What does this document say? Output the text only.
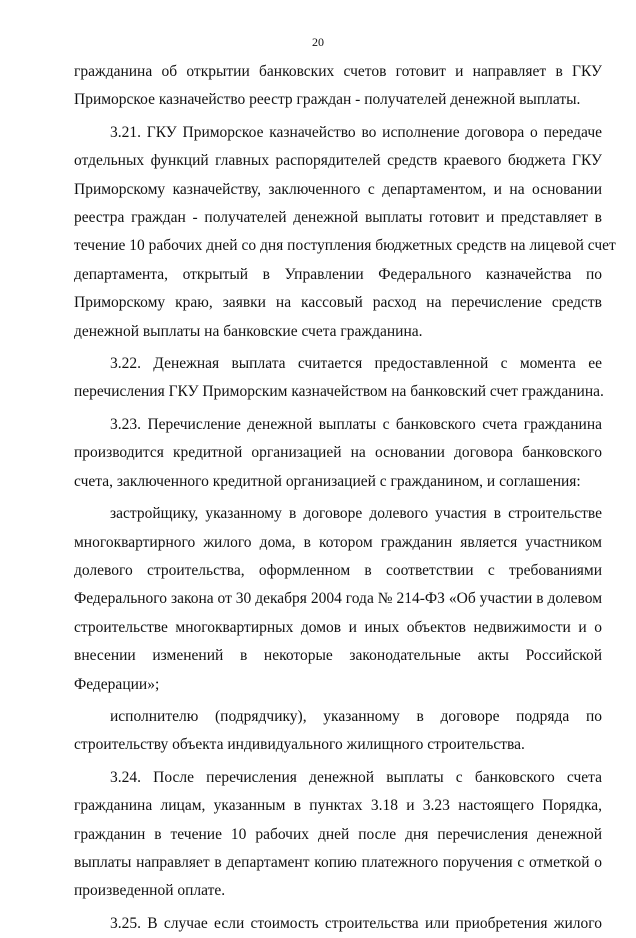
20

гражданина об открытии банковских счетов готовит и направляет в ГКУ
Приморское казначейство реестр граждан - получателей денежной выплаты.

3.21. ГКУ Приморское казначейство во исполнение договора о передаче
отдельных функций главных распорядителей средств краевого бюджета ГКУ
Приморскому казначейству, заключенного с департаментом, и на основании
реестра граждан - получателей денежной выплаты готовит и представляет в
течение 10 рабочих дней со дня поступления бюджетных средств на лицевой счет
департамента, открытый в Управлении Федерального казначейства по
Приморскому краю, заявки на кассовый расход на перечисление средств
денежной выплаты на банковские счета гражданина.

3.22. Денежная выплата считается предоставленной с момента ее
перечисления ГКУ Приморским казначейством на банковский счет гражданина.

3.23. Перечисление денежной выплаты с банковского счета гражданина
производится кредитной организацией на основании договора банковского
счета, заключенного кредитной организацией с гражданином, и соглашения:

застройщику, указанному в договоре долевого участия в строительстве
многоквартирного жилого дома, в котором гражданин является участником
долевого строительства, оформленном в соответствии с требованиями
Федерального закона от 30 декабря 2004 года № 214-ФЗ «Об участии в долевом
строительстве многоквартирных домов и иных объектов недвижимости и о
внесении изменений в некоторые законодательные акты Российской
Федерации»;

исполнителю (подрядчику), указанному в договоре подряда по
строительству объекта индивидуального жилищного строительства.

3.24. После перечисления денежной выплаты с банковского счета
гражданина лицам, указанным в пунктах 3.18 и 3.23 настоящего Порядка,
гражданин в течение 10 рабочих дней после дня перечисления денежной
выплаты направляет в департамент копию платежного поручения с отметкой о
произведенной оплате.

3.25. В случае если стоимость строительства или приобретения жилого
